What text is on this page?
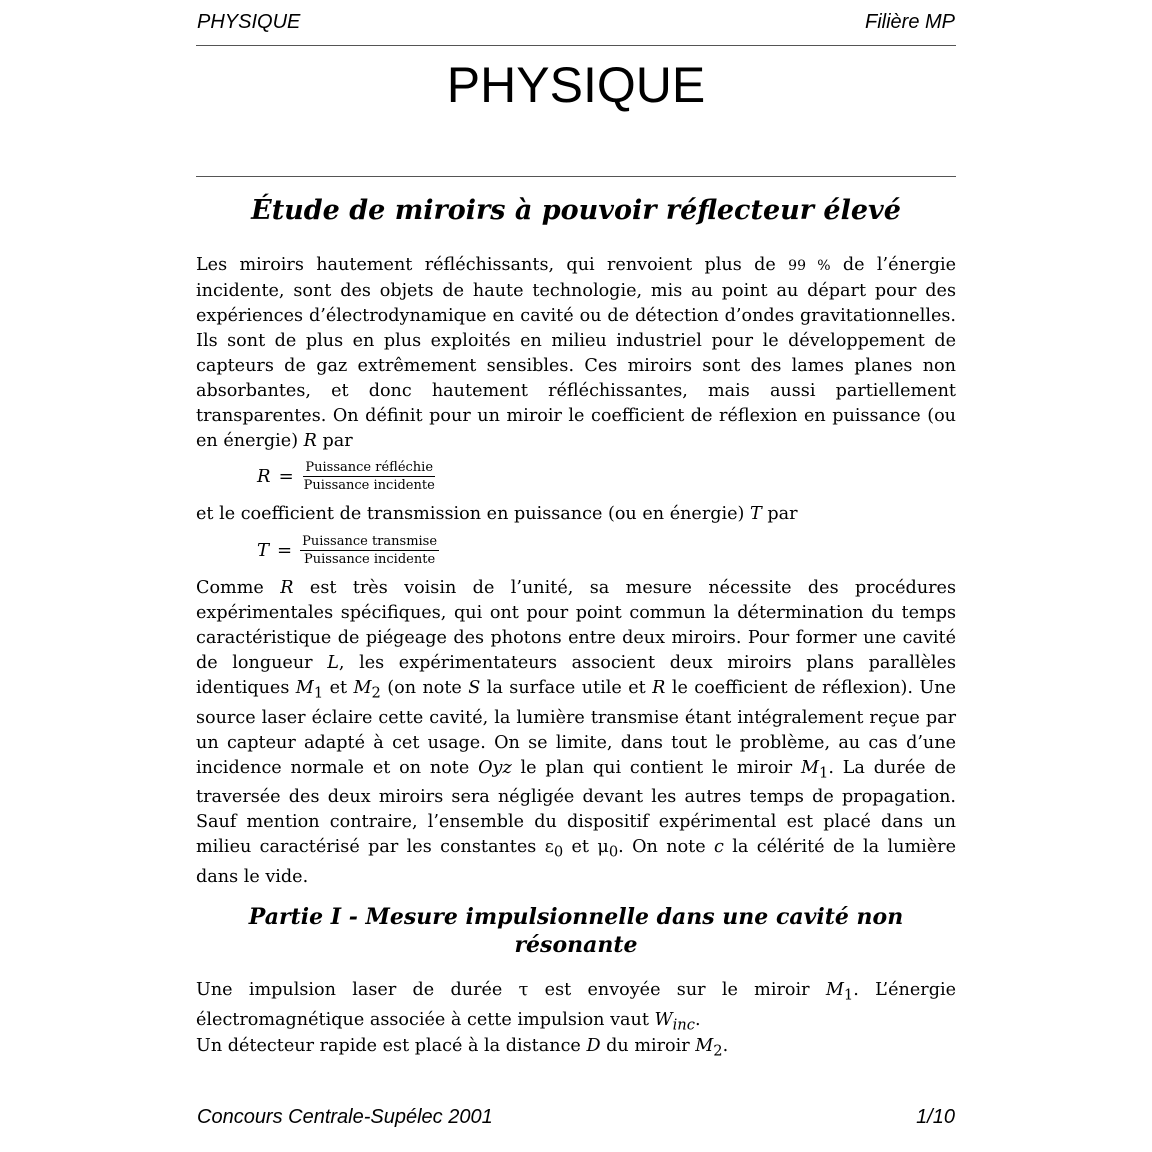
PHYSIQUE	Filière MP
PHYSIQUE
Étude de miroirs à pouvoir réflecteur élevé

Les miroirs hautement réfléchissants, qui renvoient plus de 99 % de l’énergie incidente, sont des objets de haute technologie, mis au point au départ pour des expériences d’électrodynamique en cavité ou de détection d’ondes gravitationnelles. Ils sont de plus en plus exploités en milieu industriel pour le développement de capteurs de gaz extrêmement sensibles. Ces miroirs sont des lames planes non absorbantes, et donc hautement réfléchissantes, mais aussi partiellement transparentes. On définit pour un miroir le coefficient de réflexion en puissance (ou en énergie) R par

$R = \frac{\text{Puissance réfléchie}}{\text{Puissance incidente}}$

et le coefficient de transmission en puissance (ou en énergie) T par

$T = \frac{\text{Puissance transmise}}{\text{Puissance incidente}}$

Comme R est très voisin de l’unité, sa mesure nécessite des procédures expérimentales spécifiques, qui ont pour point commun la détermination du temps caractéristique de piégeage des photons entre deux miroirs. Pour former une cavité de longueur L, les expérimentateurs associent deux miroirs plans parallèles identiques $M_1$ et $M_2$ (on note S la surface utile et R le coefficient de réflexion). Une source laser éclaire cette cavité, la lumière transmise étant intégralement reçue par un capteur adapté à cet usage. On se limite, dans tout le problème, au cas d’une incidence normale et on note Oyz le plan qui contient le miroir $M_1$. La durée de traversée des deux miroirs sera négligée devant les autres temps de propagation. Sauf mention contraire, l’ensemble du dispositif expérimental est placé dans un milieu caractérisé par les constantes $\varepsilon_0$ et $\mu_0$. On note c la célérité de la lumière dans le vide.

Partie I - Mesure impulsionnelle dans une cavité non résonante

Une impulsion laser de durée τ est envoyée sur le miroir $M_1$. L’énergie électromagnétique associée à cette impulsion vaut $W_{inc}$.

Un détecteur rapide est placé à la distance D du miroir $M_2$.

Concours Centrale-Supélec 2001	1/10
